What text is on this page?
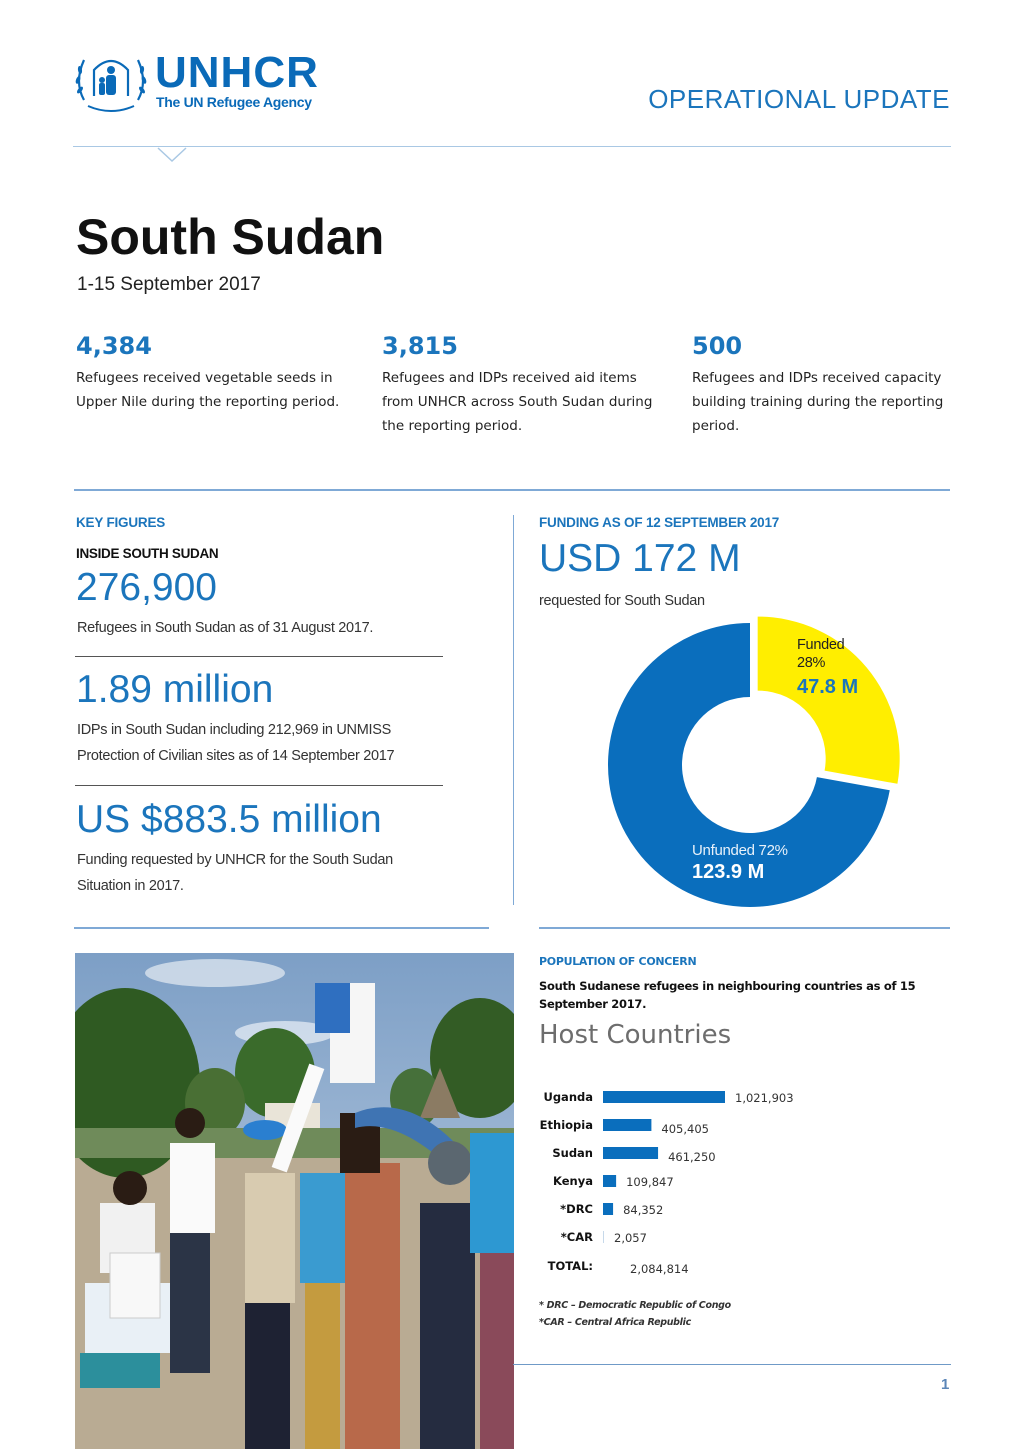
UNHCR
The UN Refugee Agency	OPERATIONAL UPDATE
South Sudan
1-15 September 2017
4,384
Refugees received vegetable seeds in Upper Nile during the reporting period.
3,815
Refugees and IDPs received aid items from UNHCR across South Sudan during the reporting period.
500
Refugees and IDPs received capacity building training during the reporting period.
KEY FIGURES
INSIDE SOUTH SUDAN
276,900
Refugees in South Sudan as of 31 August 2017.
1.89 million
IDPs in South Sudan including 212,969 in UNMISS Protection of Civilian sites as of 14 September 2017
US $883.5 million
Funding requested by UNHCR for the South Sudan Situation in 2017.
FUNDING AS OF 12 SEPTEMBER 2017
USD 172 M
requested for South Sudan
Funded
28%
47.8 M
Unfunded 72%
123.9 M
POPULATION OF CONCERN
South Sudanese refugees in neighbouring countries as of 15 September 2017.
Host Countries
TOTAL:	2,084,814
Uganda	1,021,903
Ethiopia	405,405
Sudan	461,250
Kenya	109,847
*DRC	84,352
*CAR 2,057
* DRC – Democratic Republic of Congo
*CAR – Central Africa Republic
1
